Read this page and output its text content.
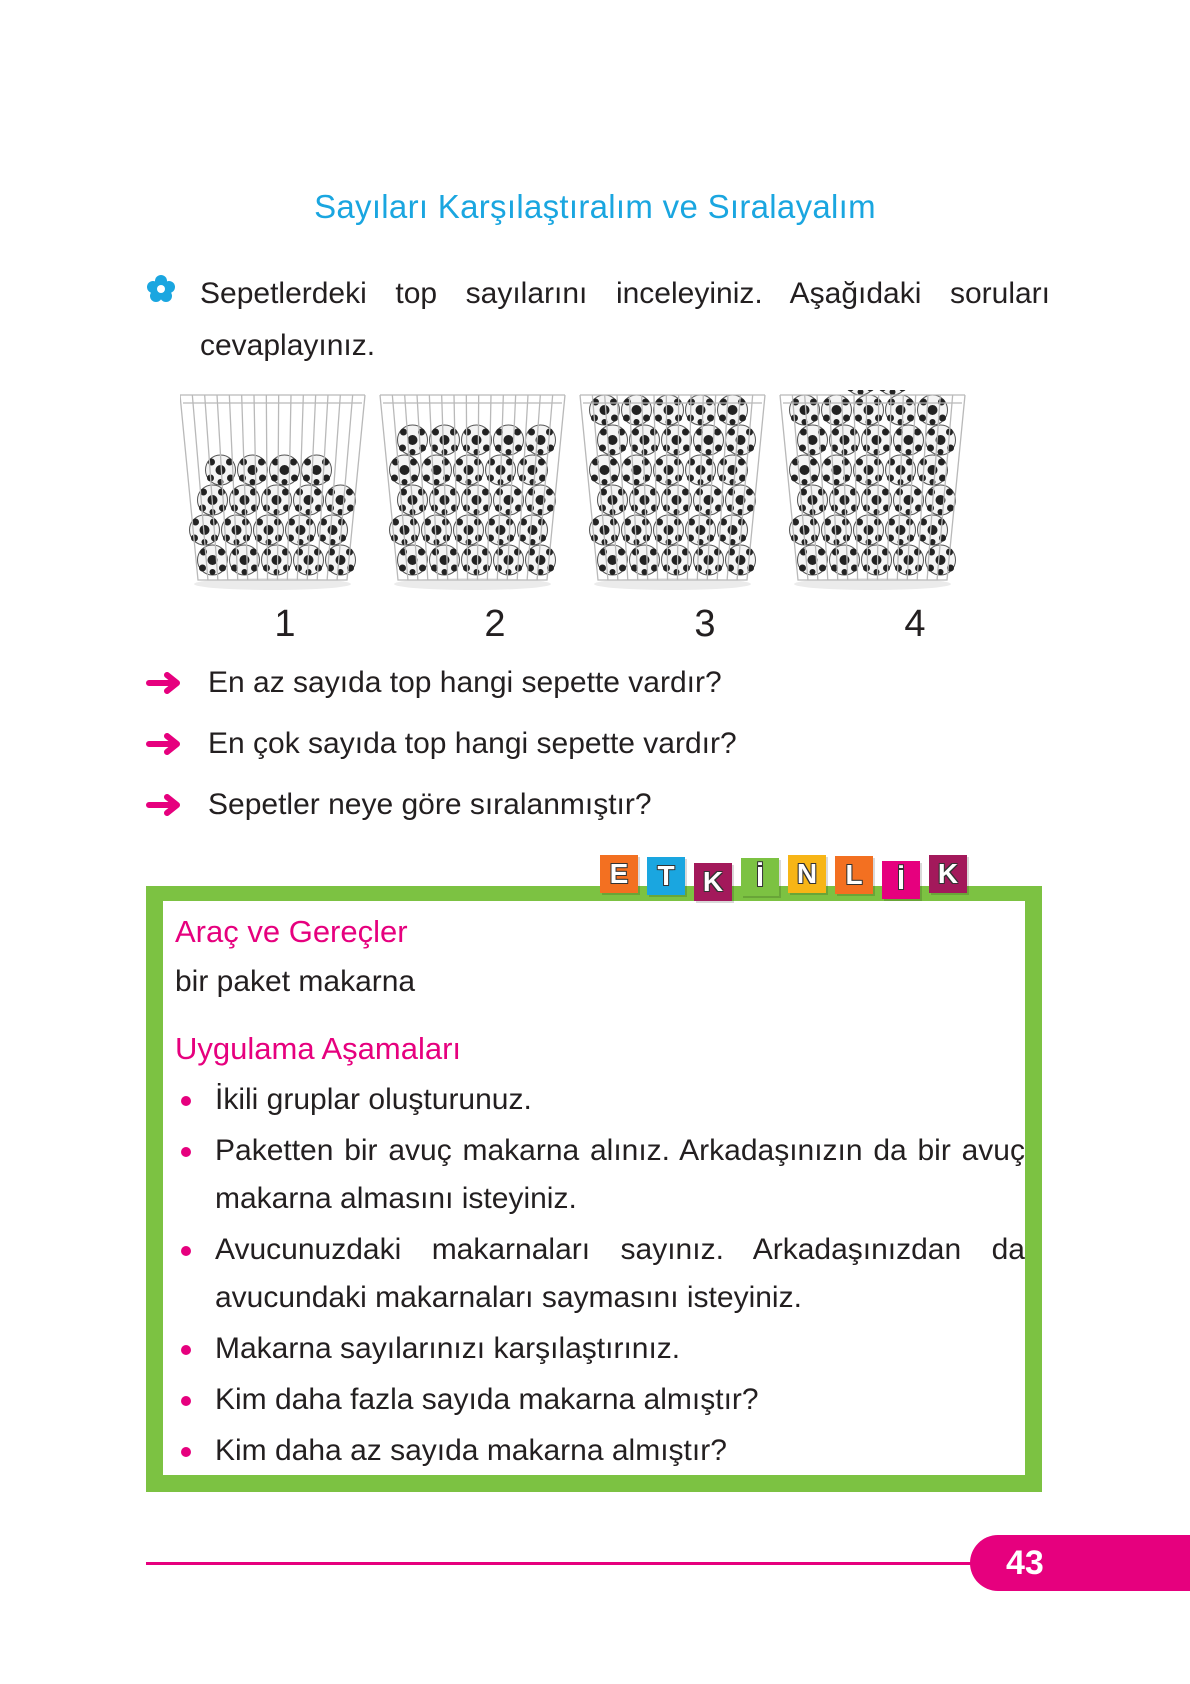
Sayıları Karşılaştıralım ve Sıralayalım
Sepetlerdeki top sayılarını inceleyiniz. Aşağıdaki soruları cevaplayınız.
1	2	3	4
En az sayıda top hangi sepette vardır?
En çok sayıda top hangi sepette vardır?
Sepetler neye göre sıralanmıştır?
Araç ve Gereçler
bir paket makarna
Uygulama Aşamaları
İkili gruplar oluşturunuz.
Paketten bir avuç makarna alınız. Arkadaşınızın da bir avuç makarna almasını isteyiniz.
Avucunuzdaki makarnaları sayınız. Arkadaşınızdan da avucundaki makarnaları saymasını isteyiniz.
Makarna sayılarınızı karşılaştırınız.
Kim daha fazla sayıda makarna almıştır?
Kim daha az sayıda makarna almıştır?
E	T	K	İ	N	L	İ	K
43
